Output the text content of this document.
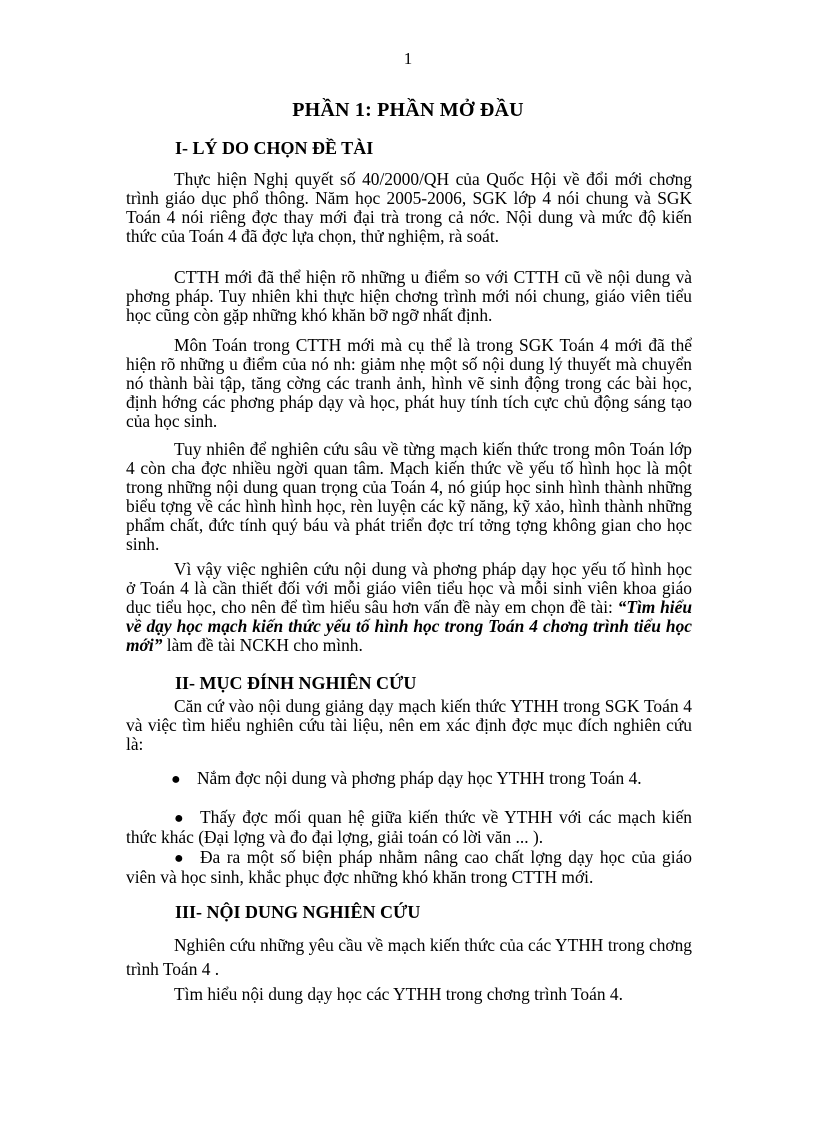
1
PHẦN 1: PHẦN MỞ ĐẦU
I- LÝ DO CHỌN ĐỀ TÀI

Thực hiện Nghị quyết số 40/2000/QH của Quốc Hội về đổi mới chơng trình giáo dục phổ thông. Năm học 2005-2006, SGK lớp 4 nói chung và SGK Toán 4 nói riêng đợc thay mới đại trà trong cả nớc. Nội dung và mức độ kiến thức của Toán 4 đã đợc lựa chọn, thử nghiệm, rà soát.

CTTH mới đã thể hiện rõ những u điểm so với CTTH cũ về nội dung và phơng pháp. Tuy nhiên khi thực hiện chơng trình mới nói chung, giáo viên tiểu học cũng còn gặp những khó khăn bỡ ngỡ nhất định.

Môn Toán trong CTTH mới mà cụ thể là trong SGK Toán 4 mới đã thể hiện rõ những u điểm của nó nh: giảm nhẹ một số nội dung lý thuyết mà chuyển nó thành bài tập, tăng cờng các tranh ảnh, hình vẽ sinh động trong các bài học, định hớng các phơng pháp dạy và học, phát huy tính tích cực chủ động sáng tạo của học sinh.

Tuy nhiên để nghiên cứu sâu về từng mạch kiến thức trong môn Toán lớp 4 còn cha đợc nhiều ngời quan tâm. Mạch kiến thức về yếu tố hình học là một trong những nội dung quan trọng của Toán 4, nó giúp học sinh hình thành những biểu tợng về các hình hình học, rèn luyện các kỹ năng, kỹ xảo, hình thành những phẩm chất, đức tính quý báu và phát triển đợc trí tởng tợng không gian cho học sinh.

Vì vậy việc nghiên cứu nội dung và phơng pháp dạy học yếu tố hình học ở Toán 4 là cần thiết đối với mỗi giáo viên tiểu học và mỗi sinh viên khoa giáo dục tiểu học, cho nên để tìm hiểu sâu hơn vấn đề này em chọn đề tài: “Tìm hiểu về dạy học mạch kiến thức yếu tố hình học trong Toán 4 chơng trình tiểu học mới” làm đề tài NCKH cho mình.

II- MỤC ĐÍNH NGHIÊN CỨU

Căn cứ vào nội dung giảng dạy mạch kiến thức YTHH trong SGK Toán 4 và việc tìm hiểu nghiên cứu tài liệu, nên em xác định đợc mục đích nghiên cứu là:

● Nắm đợc nội dung và phơng pháp dạy học YTHH trong Toán 4.

● Thấy đợc mối quan hệ giữa kiến thức về YTHH với các mạch kiến thức khác (Đại lợng và đo đại lợng, giải toán có lời văn ... ).

● Đa ra một số biện pháp nhằm nâng cao chất lợng dạy học của giáo viên và học sinh, khắc phục đợc những khó khăn trong CTTH mới.

III- NỘI DUNG NGHIÊN CỨU

Nghiên cứu những yêu cầu về mạch kiến thức của các YTHH trong chơng trình Toán 4 .

Tìm hiểu nội dung dạy học các YTHH trong chơng trình Toán 4.
